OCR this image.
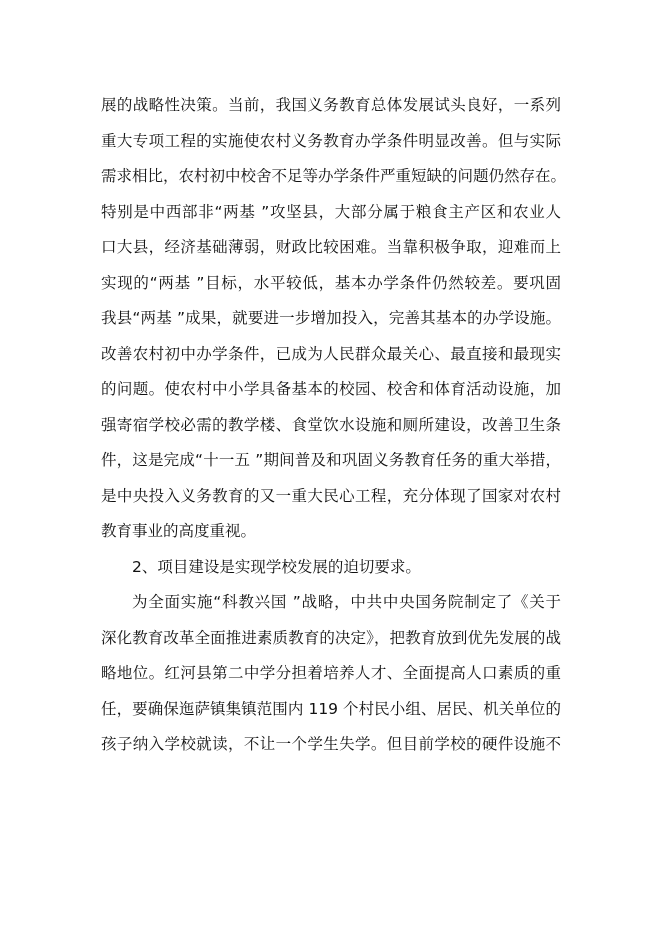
展的战略性决策。当前，我国义务教育总体发展试头良好，一系列
重大专项工程的实施使农村义务教育办学条件明显改善。但与实际
需求相比，农村初中校舍不足等办学条件严重短缺的问题仍然存在。
特别是中西部非“两基 ”攻坚县，大部分属于粮食主产区和农业人
口大县，经济基础薄弱，财政比较困难。当靠积极争取，迎难而上
实现的“两基 ”目标，水平较低，基本办学条件仍然较差。要巩固
我县“两基 ”成果，就要进一步增加投入，完善其基本的办学设施。
改善农村初中办学条件，已成为人民群众最关心、最直接和最现实
的问题。使农村中小学具备基本的校园、校舍和体育活动设施，加
强寄宿学校必需的教学楼、食堂饮水设施和厕所建设，改善卫生条
件，这是完成“十一五 ”期间普及和巩固义务教育任务的重大举措，
是中央投入义务教育的又一重大民心工程，充分体现了国家对农村
教育事业的高度重视。
2、项目建设是实现学校发展的迫切要求。
为全面实施“科教兴国 ”战略，中共中央国务院制定了《关于
深化教育改革全面推进素质教育的决定》，把教育放到优先发展的战
略地位。红河县第二中学分担着培养人才、全面提高人口素质的重
任，要确保迤萨镇集镇范围内 119 个村民小组、居民、机关单位的
孩子纳入学校就读，不让一个学生失学。但目前学校的硬件设施不
